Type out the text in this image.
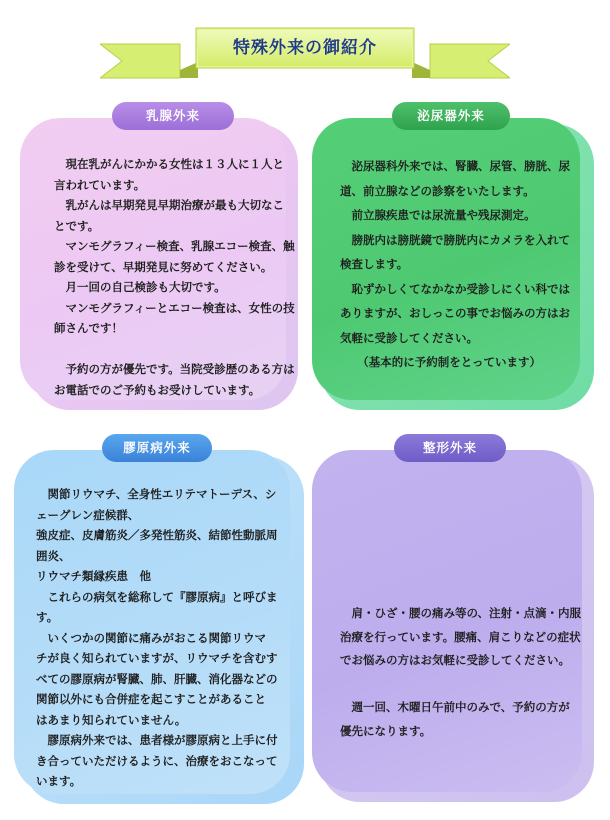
特殊外来の御紹介
乳腺外来

現在乳がんにかかる女性は１３人に１人と

言われています。

乳がんは早期発見早期治療が最も大切なこ

とです。

マンモグラフィー検査、乳腺エコー検査、触

診を受けて、早期発見に努めてください。

月一回の自己検診も大切です。

マンモグラフィーとエコー検査は、女性の技

師さんです！

予約の方が優先です。当院受診歴のある方は

お電話でのご予約もお受けしています。

泌尿器外来

泌尿器科外来では、腎臓、尿管、膀胱、尿

道、前立腺などの診察をいたします。

前立腺疾患では尿流量や残尿測定。

膀胱内は膀胱鏡で膀胱内にカメラを入れて

検査します。

恥ずかしくてなかなか受診しにくい科では

ありますが、おしっこの事でお悩みの方はお

気軽に受診してください。

（基本的に予約制をとっています）

膠原病外来

関節リウマチ、全身性エリテマトーデス、シ

ェーグレン症候群、

強皮症、皮膚筋炎／多発性筋炎、結節性動脈周

囲炎、

リウマチ類縁疾患　他

これらの病気を総称して『膠原病』と呼びま

す。

いくつかの関節に痛みがおこる関節リウマ

チが良く知られていますが、リウマチを含むす

べての膠原病が腎臓、肺、肝臓、消化器などの

関節以外にも合併症を起こすことがあること

はあまり知られていません。

膠原病外来では、患者様が膠原病と上手に付

き合っていただけるように、治療をおこなって

います。

整形外来

肩・ひざ・腰の痛み等の、注射・点滴・内服

治療を行っています。腰痛、肩こりなどの症状

でお悩みの方はお気軽に受診してください。

週一回、木曜日午前中のみで、予約の方が

優先になります。
